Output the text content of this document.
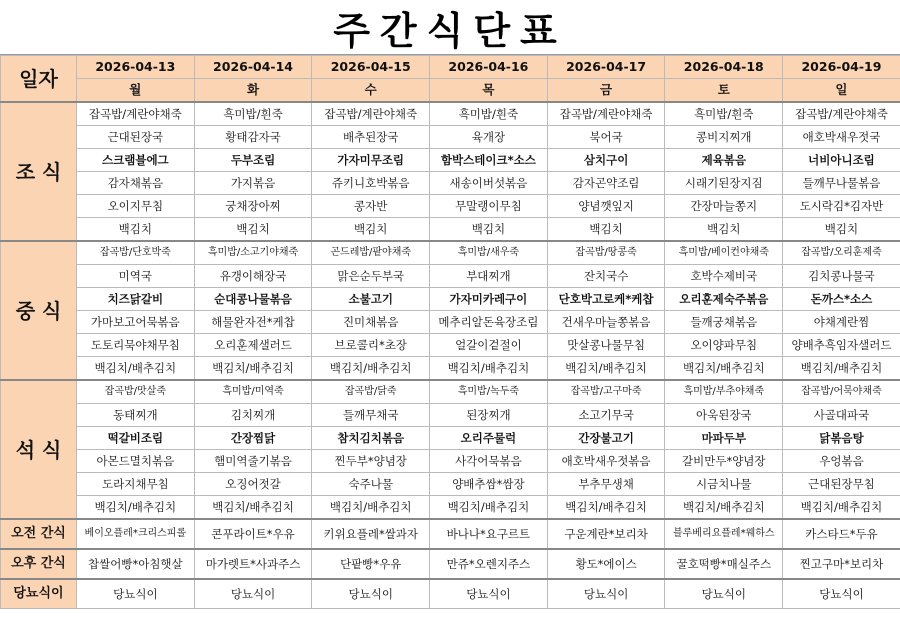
주간식단표
일자	2026-04-13	2026-04-14	2026-04-15	2026-04-16	2026-04-17	2026-04-18	2026-04-19
	월	화	수	목	금	토	일
조 식	잡곡밥/계란야채죽	흑미밥/흰죽	잡곡밥/계란야채죽	흑미밥/흰죽	잡곡밥/계란야채죽	흑미밥/흰죽	잡곡밥/계란야채죽
	근대된장국	황태감자국	배추된장국	육개장	북어국	콩비지찌개	애호박새우젓국
	스크램블에그	두부조림	가자미무조림	함박스테이크*소스	삼치구이	제육볶음	너비아니조림
	감자채볶음	가지볶음	쥬키니호박볶음	새송이버섯볶음	감자곤약조림	시래기된장지짐	들깨무나물볶음
	오이지무침	궁채장아찌	콩자반	무말랭이무침	양념깻잎지	간장마늘쫑지	도시락김*김자반
	백김치	백김치	백김치	백김치	백김치	백김치	백김치
중 식	잡곡밥/단호박죽	흑미밥/소고기야채죽	곤드레밥/팥야채죽	흑미밥/새우죽	잡곡밥/땅콩죽	흑미밥/베이컨야채죽	잡곡밥/오리훈제죽
	미역국	유갱이해장국	맑은순두부국	부대찌개	잔치국수	호박수제비국	김치콩나물국
	치즈닭갈비	순대콩나물볶음	소불고기	가자미카레구이	단호박고로케*케찹	오리훈제숙주볶음	돈까스*소스
	가마보고어묵볶음	해물완자전*케찹	진미채볶음	메추리알돈육장조림	건새우마늘쫑볶음	들깨궁채볶음	야채계란찜
	도토리묵야채무침	오리훈제샐러드	브로콜리*초장	얼갈이겉절이	맛살콩나물무침	오이양파무침	양배추흑임자샐러드
	백김치/배추김치	백김치/배추김치	백김치/배추김치	백김치/배추김치	백김치/배추김치	백김치/배추김치	백김치/배추김치
석 식	잡곡밥/맛살죽	흑미밥/미역죽	잡곡밥/닭죽	흑미밥/녹두죽	잡곡밥/고구마죽	흑미밥/부추야채죽	잡곡밥/어묵야채죽
	동태찌개	김치찌개	들깨무채국	된장찌개	소고기무국	아욱된장국	사골대파국
	떡갈비조림	간장찜닭	참치김치볶음	오리주물럭	간장불고기	마파두부	닭볶음탕
	아몬드멸치볶음	햄미역줄기볶음	찐두부*양념장	사각어묵볶음	애호박새우젓볶음	갈비만두*양념장	우엉볶음
	도라지채무침	오징어젓갈	숙주나물	양배추쌈*쌈장	부추무생채	시금치나물	근대된장무침
	백김치/배추김치	백김치/배추김치	백김치/배추김치	백김치/배추김치	백김치/배추김치	백김치/배추김치	백김치/배추김치
오전 간식	베이오플레*크리스피롤	콘푸라이트*우유	키위요플레*쌀과자	바나나*요구르트	구운계란*보리차	블루베리요플레*웨하스	카스타드*두유
오후 간식	찹쌀어빵*아침햇살	마가렛트*사과주스	단팥빵*우유	만쥬*오렌지주스	황도*에이스	꿀호떡빵*매실주스	찐고구마*보리차
당뇨식이	당뇨식이	당뇨식이	당뇨식이	당뇨식이	당뇨식이	당뇨식이	당뇨식이
